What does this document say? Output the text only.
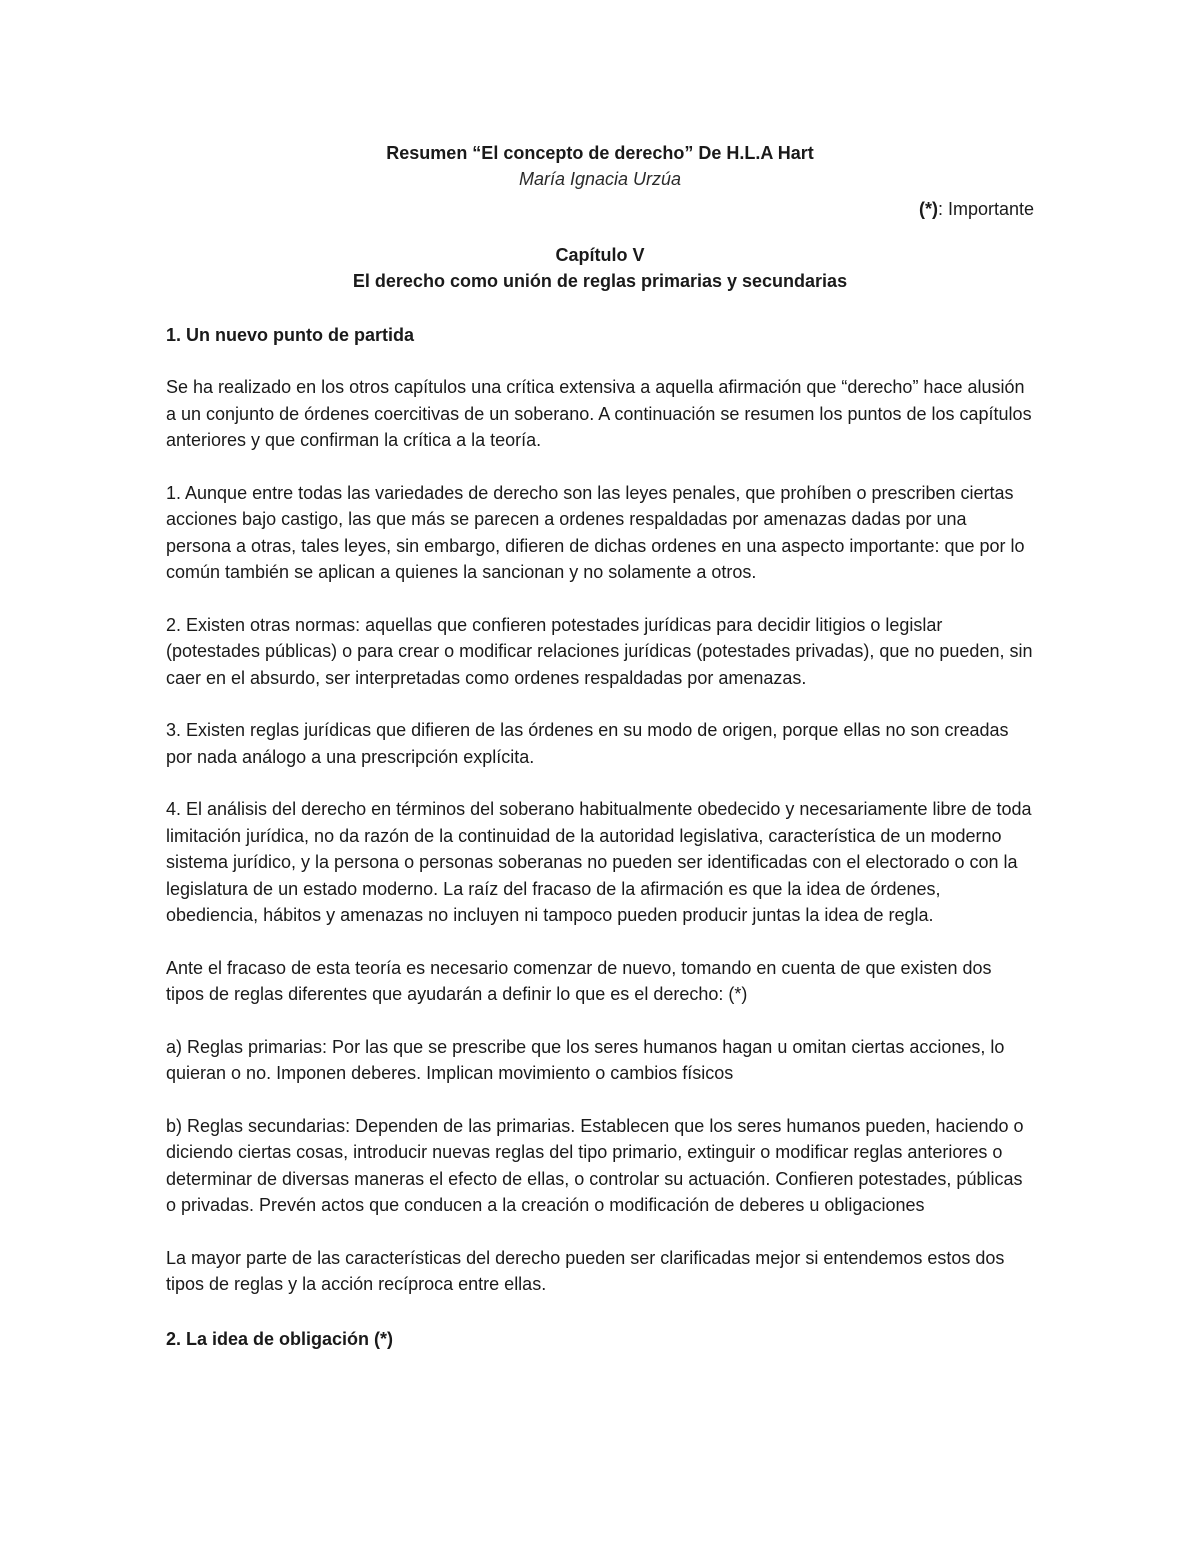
Resumen “El concepto de derecho” De H.L.A Hart
María Ignacia Urzúa
(*): Importante
Capítulo V
El derecho como unión de reglas primarias y secundarias
1. Un nuevo punto de partida

Se ha realizado en los otros capítulos una crítica extensiva a aquella afirmación que “derecho” hace alusión a un conjunto de órdenes coercitivas de un soberano. A continuación se resumen los puntos de los capítulos anteriores y que confirman la crítica a la teoría.

1. Aunque entre todas las variedades de derecho son las leyes penales, que prohíben o prescriben ciertas acciones bajo castigo, las que más se parecen a ordenes respaldadas por amenazas dadas por una persona a otras, tales leyes, sin embargo, difieren de dichas ordenes en una aspecto importante: que por lo común también se aplican a quienes la sancionan y no solamente a otros.

2. Existen otras normas: aquellas que confieren potestades jurídicas para decidir litigios o legislar (potestades públicas) o para crear o modificar relaciones jurídicas (potestades privadas), que no pueden, sin caer en el absurdo, ser interpretadas como ordenes respaldadas por amenazas.

3. Existen reglas jurídicas que difieren de las órdenes en su modo de origen, porque ellas no son creadas por nada análogo a una prescripción explícita.

4. El análisis del derecho en términos del soberano habitualmente obedecido y necesariamente libre de toda limitación jurídica, no da razón de la continuidad de la autoridad legislativa, característica de un moderno sistema jurídico, y la persona o personas soberanas no pueden ser identificadas con el electorado o con la legislatura de un estado moderno. La raíz del fracaso de la afirmación es que la idea de órdenes, obediencia, hábitos y amenazas no incluyen ni tampoco pueden producir juntas la idea de regla.

Ante el fracaso de esta teoría es necesario comenzar de nuevo, tomando en cuenta de que existen dos tipos de reglas diferentes que ayudarán a definir lo que es el derecho: (*)

a) Reglas primarias: Por las que se prescribe que los seres humanos hagan u omitan ciertas acciones, lo quieran o no. Imponen deberes. Implican movimiento o cambios físicos

b) Reglas secundarias: Dependen de las primarias. Establecen que los seres humanos pueden, haciendo o diciendo ciertas cosas, introducir nuevas reglas del tipo primario, extinguir o modificar reglas anteriores o determinar de diversas maneras el efecto de ellas, o controlar su actuación. Confieren potestades, públicas o privadas. Prevén actos que conducen a la creación o modificación de deberes u obligaciones

La mayor parte de las características del derecho pueden ser clarificadas mejor si entendemos estos dos tipos de reglas y la acción recíproca entre ellas.

2. La idea de obligación (*)
